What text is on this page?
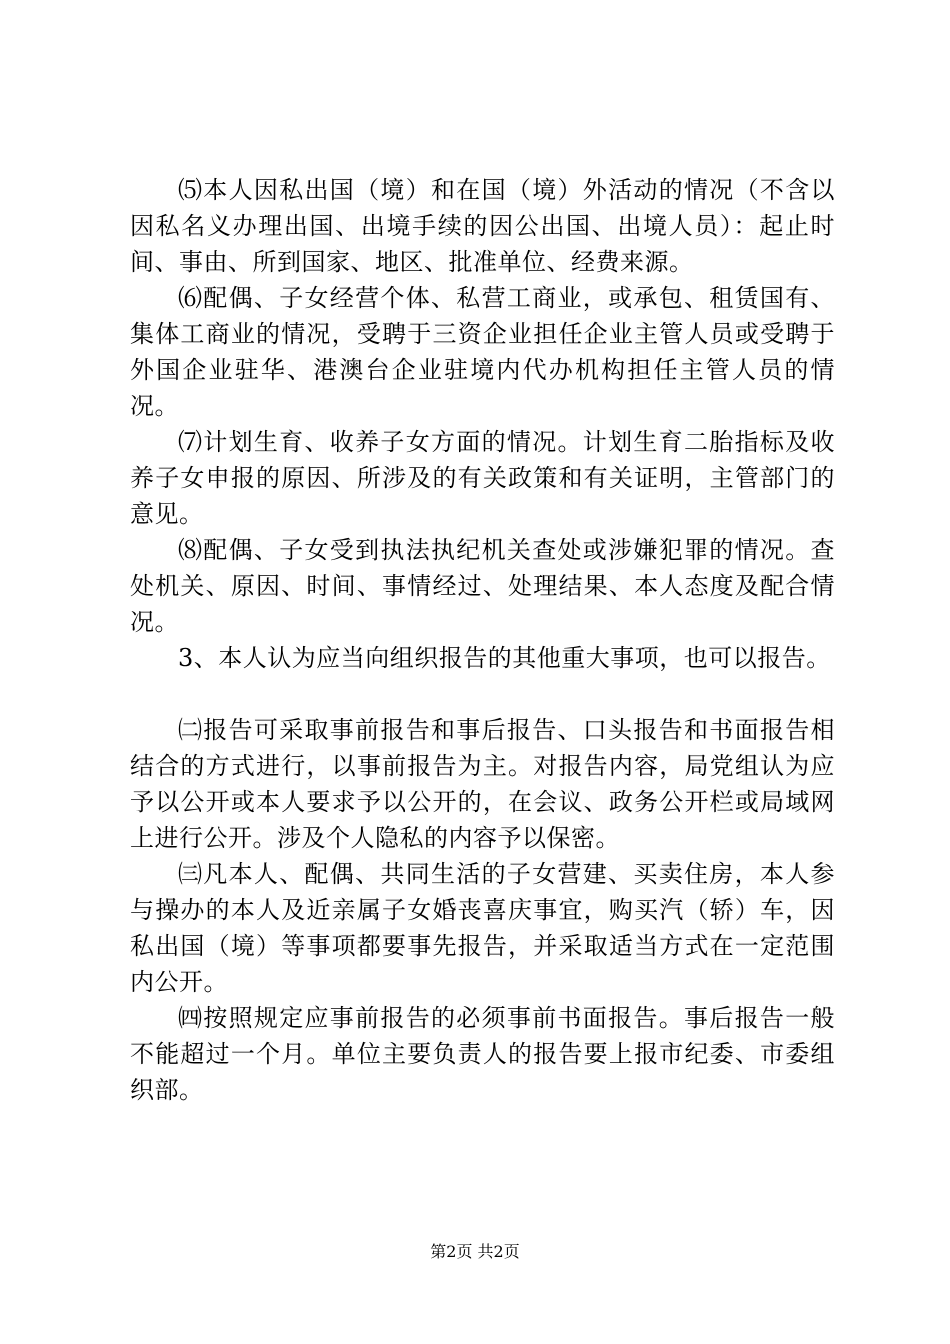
⑸本人因私出国（境）和在国（境）外活动的情况（不含以因私名义办理出国、出境手续的因公出国、出境人员）：起止时间、事由、所到国家、地区、批准单位、经费来源。

⑹配偶、子女经营个体、私营工商业，或承包、租赁国有、集体工商业的情况，受聘于三资企业担任企业主管人员或受聘于外国企业驻华、港澳台企业驻境内代办机构担任主管人员的情况。

⑺计划生育、收养子女方面的情况。计划生育二胎指标及收养子女申报的原因、所涉及的有关政策和有关证明，主管部门的意见。

⑻配偶、子女受到执法执纪机关查处或涉嫌犯罪的情况。查处机关、原因、时间、事情经过、处理结果、本人态度及配合情况。

3、本人认为应当向组织报告的其他重大事项，也可以报告。

㈡报告可采取事前报告和事后报告、口头报告和书面报告相结合的方式进行，以事前报告为主。对报告内容，局党组认为应予以公开或本人要求予以公开的，在会议、政务公开栏或局域网上进行公开。涉及个人隐私的内容予以保密。

㈢凡本人、配偶、共同生活的子女营建、买卖住房，本人参与操办的本人及近亲属子女婚丧喜庆事宜，购买汽（轿）车，因私出国（境）等事项都要事先报告，并采取适当方式在一定范围内公开。

㈣按照规定应事前报告的必须事前书面报告。事后报告一般不能超过一个月。单位主要负责人的报告要上报市纪委、市委组织部。

第2页 共2页
